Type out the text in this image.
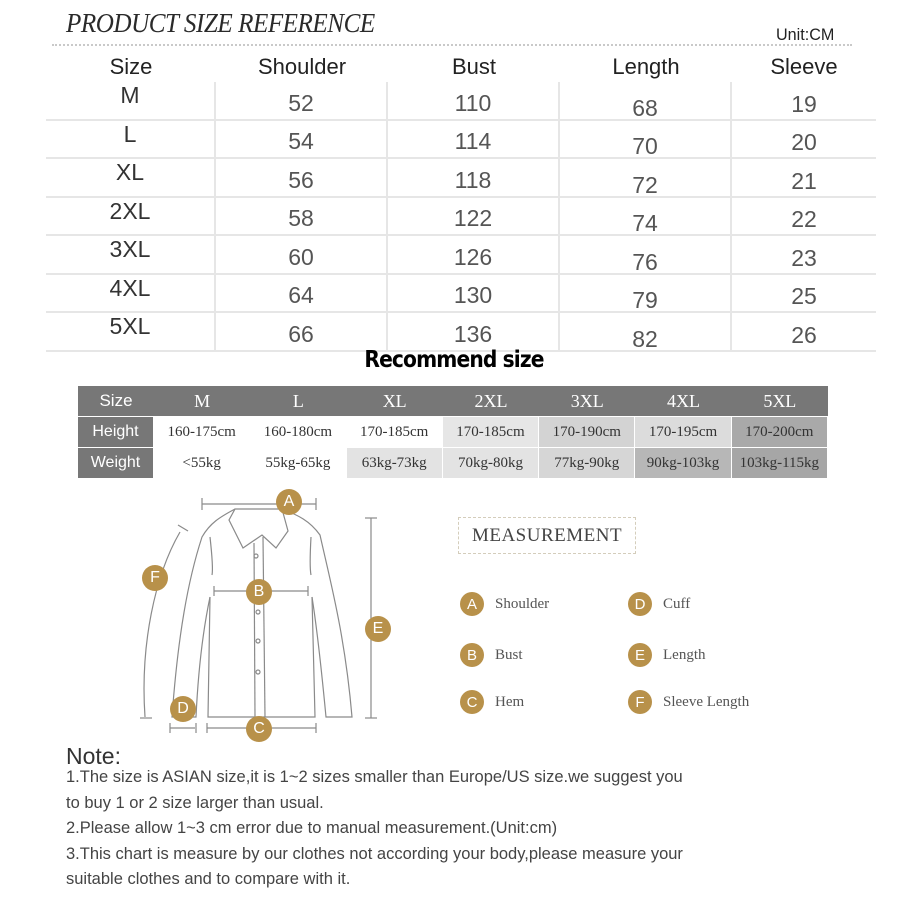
PRODUCT SIZE REFERENCE	Unit:CM
Size	Shoulder	Bust	Length	Sleeve
M	52	110	68	19
L	54	114	70	20
XL	56	118	72	21
2XL	58	122	74	22
3XL	60	126	76	23
4XL	64	130	79	25
5XL	66	136	82	26
Recommend size
Size	M	L	XL	2XL	3XL	4XL	5XL
Height	160-175cm	160-180cm	170-185cm	170-185cm	170-190cm	170-195cm	170-200cm
Weight	<55kg	55kg-65kg	63kg-73kg	70kg-80kg	77kg-90kg	90kg-103kg	103kg-115kg
A
B
C
D
E
F
MEASUREMENT
A	Shoulder
B	Bust
C	Hem
D	Cuff
E	Length
F	Sleeve Length
Note:
1.The size is ASIAN size,it is 1~2 sizes smaller than Europe/US size.we suggest you
to buy 1 or 2 size larger than usual.
2.Please allow 1~3 cm error due to manual measurement.(Unit:cm)
3.This chart is measure by our clothes not according your body,please measure your
suitable clothes and to compare with it.
